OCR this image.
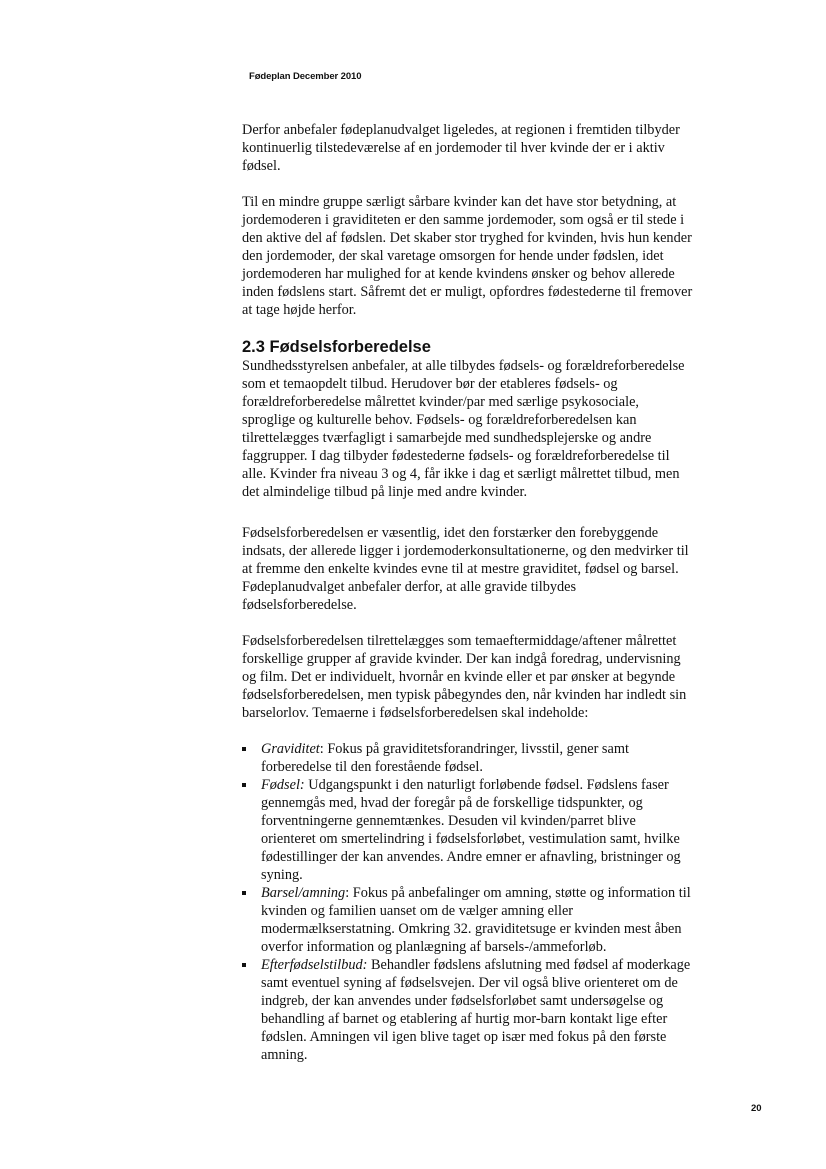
Fødeplan December 2010

Derfor anbefaler fødeplanudvalget ligeledes, at regionen i fremtiden tilbyder kontinuerlig tilstedeværelse af en jordemoder til hver kvinde der er i aktiv fødsel.

Til en mindre gruppe særligt sårbare kvinder kan det have stor betydning, at jordemoderen i graviditeten er den samme jordemoder, som også er til stede i den aktive del af fødslen. Det skaber stor tryghed for kvinden, hvis hun kender den jordemoder, der skal varetage omsorgen for hende under fødslen, idet jordemoderen har mulighed for at kende kvindens ønsker og behov allerede inden fødslens start. Såfremt det er muligt, opfordres fødestederne til fremover at tage højde herfor.

2.3 Fødselsforberedelse

Sundhedsstyrelsen anbefaler, at alle tilbydes fødsels- og forældreforberedelse som et temaopdelt tilbud. Herudover bør der etableres fødsels- og forældreforberedelse målrettet kvinder/par med særlige psykosociale, sproglige og kulturelle behov. Fødsels- og forældreforberedelsen kan tilrettelægges tværfagligt i samarbejde med sundhedsplejerske og andre faggrupper. I dag tilbyder fødestederne fødsels- og forældreforberedelse til alle. Kvinder fra niveau 3 og 4, får ikke i dag et særligt målrettet tilbud, men det almindelige tilbud på linje med andre kvinder.

Fødselsforberedelsen er væsentlig, idet den forstærker den forebyggende indsats, der allerede ligger i jordemoderkonsultationerne, og den medvirker til at fremme den enkelte kvindes evne til at mestre graviditet, fødsel og barsel. Fødeplanudvalget anbefaler derfor, at alle gravide tilbydes fødselsforberedelse.

Fødselsforberedelsen tilrettelægges som temaeftermiddage/aftener målrettet forskellige grupper af gravide kvinder. Der kan indgå foredrag, undervisning og film. Det er individuelt, hvornår en kvinde eller et par ønsker at begynde fødselsforberedelsen, men typisk påbegyndes den, når kvinden har indledt sin barselorlov. Temaerne i fødselsforberedelsen skal indeholde:

Graviditet: Fokus på graviditetsforandringer, livsstil, gener samt forberedelse til den forestående fødsel.
Fødsel: Udgangspunkt i den naturligt forløbende fødsel. Fødslens faser gennemgås med, hvad der foregår på de forskellige tidspunkter, og forventningerne gennemtænkes. Desuden vil kvinden/parret blive orienteret om smertelindring i fødselsforløbet, vestimulation samt, hvilke fødestillinger der kan anvendes. Andre emner er afnavling, bristninger og syning.
Barsel/amning: Fokus på anbefalinger om amning, støtte og information til kvinden og familien uanset om de vælger amning eller modermælkserstatning. Omkring 32. graviditetsuge er kvinden mest åben overfor information og planlægning af barsels-/ammeforløb.
Efterfødselstilbud: Behandler fødslens afslutning med fødsel af moderkage samt eventuel syning af fødselsvejen. Der vil også blive orienteret om de indgreb, der kan anvendes under fødselsforløbet samt undersøgelse og behandling af barnet og etablering af hurtig mor-barn kontakt lige efter fødslen. Amningen vil igen blive taget op især med fokus på den første amning.
20
